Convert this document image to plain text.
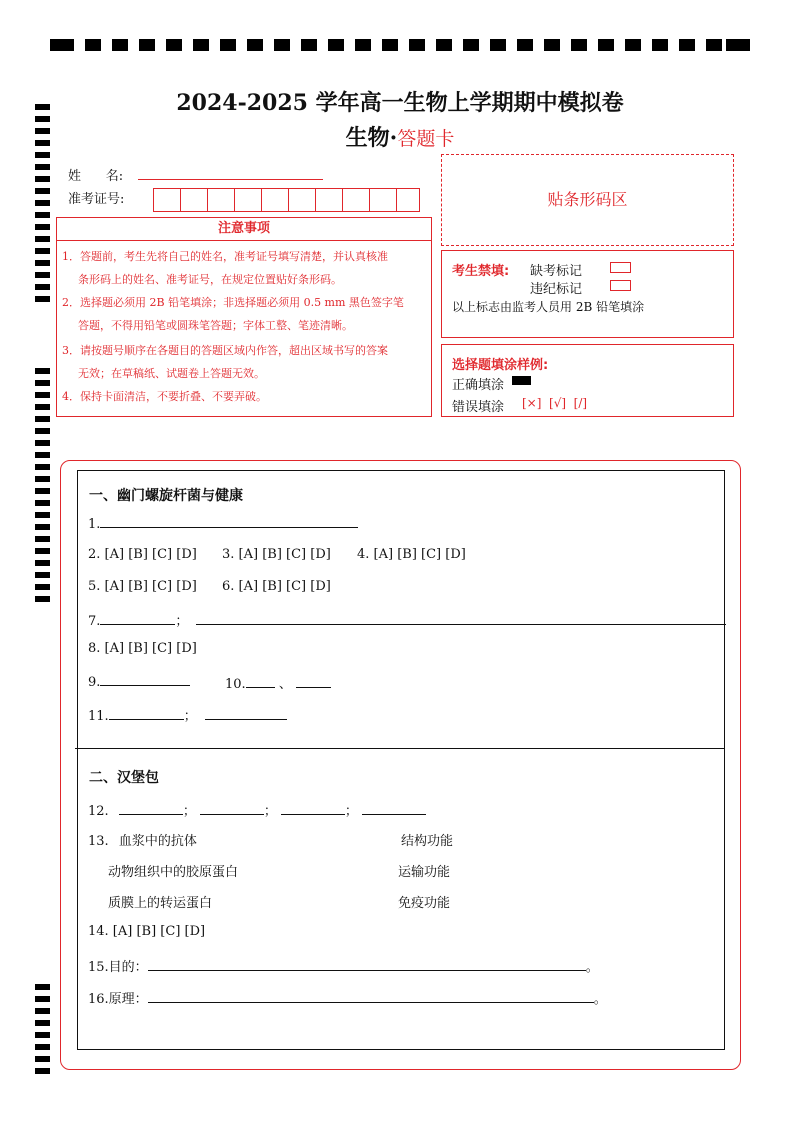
2024-2025 学年高一生物上学期期中模拟卷
生物·答题卡
姓      名:
准考证号:	贴条形码区
注意事项
1．答题前，考生先将自己的姓名，准考证号填写清楚，并认真核准
条形码上的姓名、准考证号，在规定位置贴好条形码。
2．选择题必须用 2B 铅笔填涂；非选择题必须用 0.5 mm 黑色签字笔
答题，不得用铅笔或圆珠笔答题；字体工整、笔迹清晰。
3．请按题号顺序在各题目的答题区域内作答，超出区域书写的答案
无效；在草稿纸、试题卷上答题无效。
4．保持卡面清洁，不要折叠、不要弄破。
考生禁填: 缺考标记
违纪标记
以上标志由监考人员用 2B 铅笔填涂
选择题填涂样例:
正确填涂
错误填涂 [×]  [√]  [/]
一、幽门螺旋杆菌与健康
1.
2. [A] [B] [C] [D] 3. [A] [B] [C] [D] 4. [A] [B] [C] [D]
5. [A] [B] [C] [D] 6. [A] [B] [C] [D]
7.	；
8. [A] [B] [C] [D]
9.	10.	、
11.	；
二、汉堡包
12.	；	；	；
13. 血浆中的抗体	结构功能
动物组织中的胶原蛋白	运输功能
质膜上的转运蛋白	免疫功能
14. [A] [B] [C] [D]
15.目的：	。
16.原理：	。
